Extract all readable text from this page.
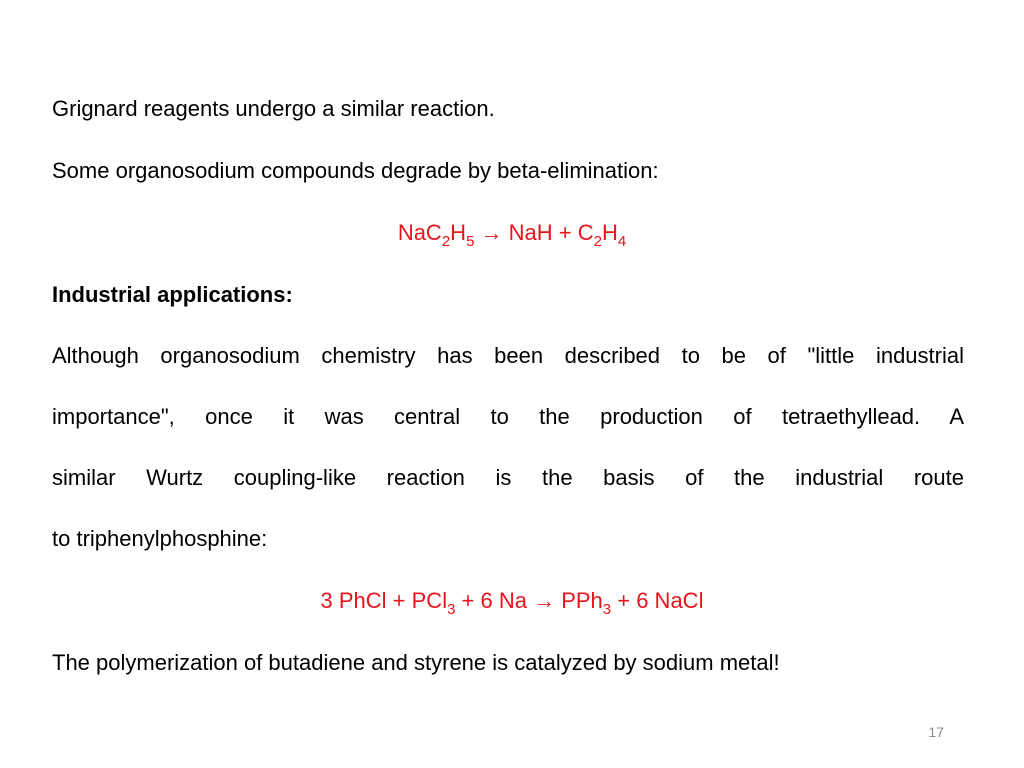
Grignard reagents undergo a similar reaction.
Some organosodium compounds degrade by beta-elimination:
$NaC_2H_5$ → NaH + $C_2H_4$
Industrial applications:
Although organosodium chemistry has been described to be of "little industrial
importance", once it was central to the production of tetraethyllead. A
similar Wurtz coupling-like reaction is the basis of the industrial route
to triphenylphosphine:
3 PhCl + PCl$_3$ + 6 Na → PPh$_3$ + 6 NaCl
The polymerization of butadiene and styrene is catalyzed by sodium metal!
17
